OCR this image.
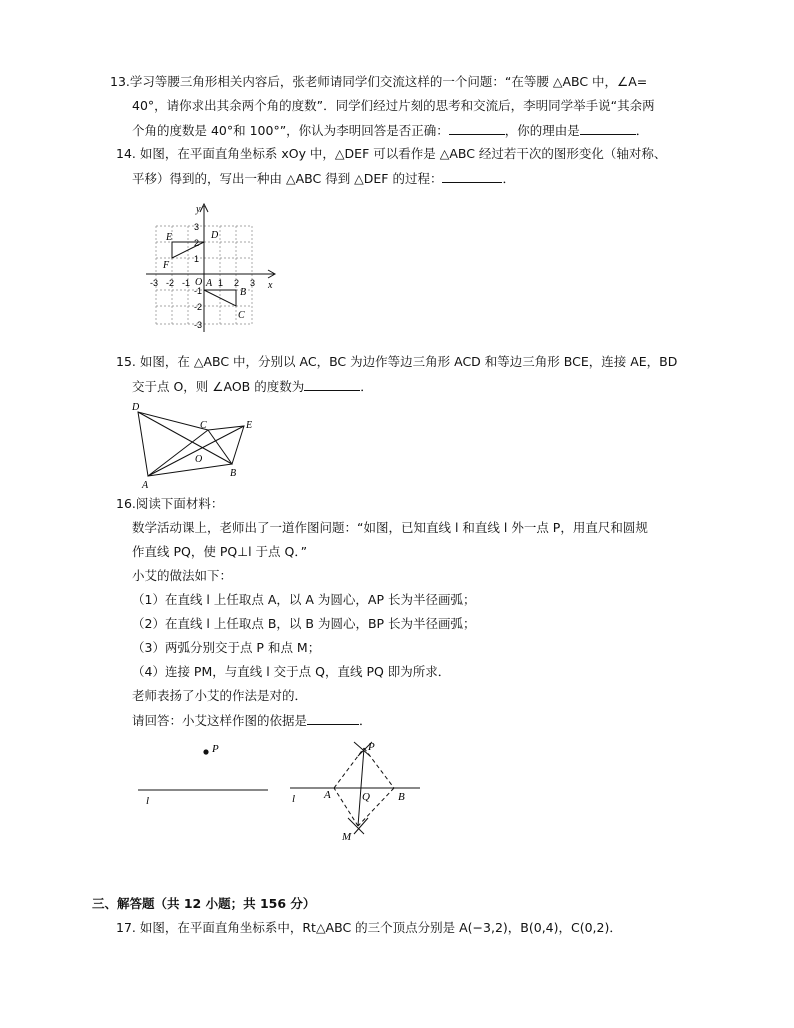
13.学习等腰三角形相关内容后，张老师请同学们交流这样的一个问题：“在等腰 △ABC 中，∠A=
40°，请你求出其余两个角的度数”．同学们经过片刻的思考和交流后，李明同学举手说“其余两
个角的度数是 40°和 100°”，你认为李明回答是否正确：	，你的理由是	．
14. 如图，在平面直角坐标系 xOy 中，△DEF 可以看作是 △ABC 经过若干次的图形变化（轴对称、
平移）得到的，写出一种由 △ABC 得到 △DEF 的过程：	．
y
x
O
-3 -2 -1	1 2 3
3
2
1
-1
-2
-3
E	D
F
A
B
C
15. 如图，在 △ABC 中，分别以 AC，BC 为边作等边三角形 ACD 和等边三角形 BCE，连接 AE，BD
交于点 O，则 ∠AOB 的度数为	．
D
C	E
O
A
B
16.阅读下面材料：
数学活动课上，老师出了一道作图问题：“如图，已知直线 l 和直线 l 外一点 P，用直尺和圆规
作直线 PQ，使 PQ⊥l 于点 Q．”
小艾的做法如下：
（1）在直线 l 上任取点 A，以 A 为圆心，AP 长为半径画弧；
（2）在直线 l 上任取点 B，以 B 为圆心，BP 长为半径画弧；
（3）两弧分别交于点 P 和点 M；
（4）连接 PM，与直线 l 交于点 Q，直线 PQ 即为所求．
老师表扬了小艾的作法是对的．
请回答：小艾这样作图的依据是	．
P
l
P
l	A	Q	B
M
三、解答题（共 12 小题；共 156 分）
17. 如图，在平面直角坐标系中，Rt△ABC 的三个顶点分别是 A(−3,2)，B(0,4)，C(0,2)．
